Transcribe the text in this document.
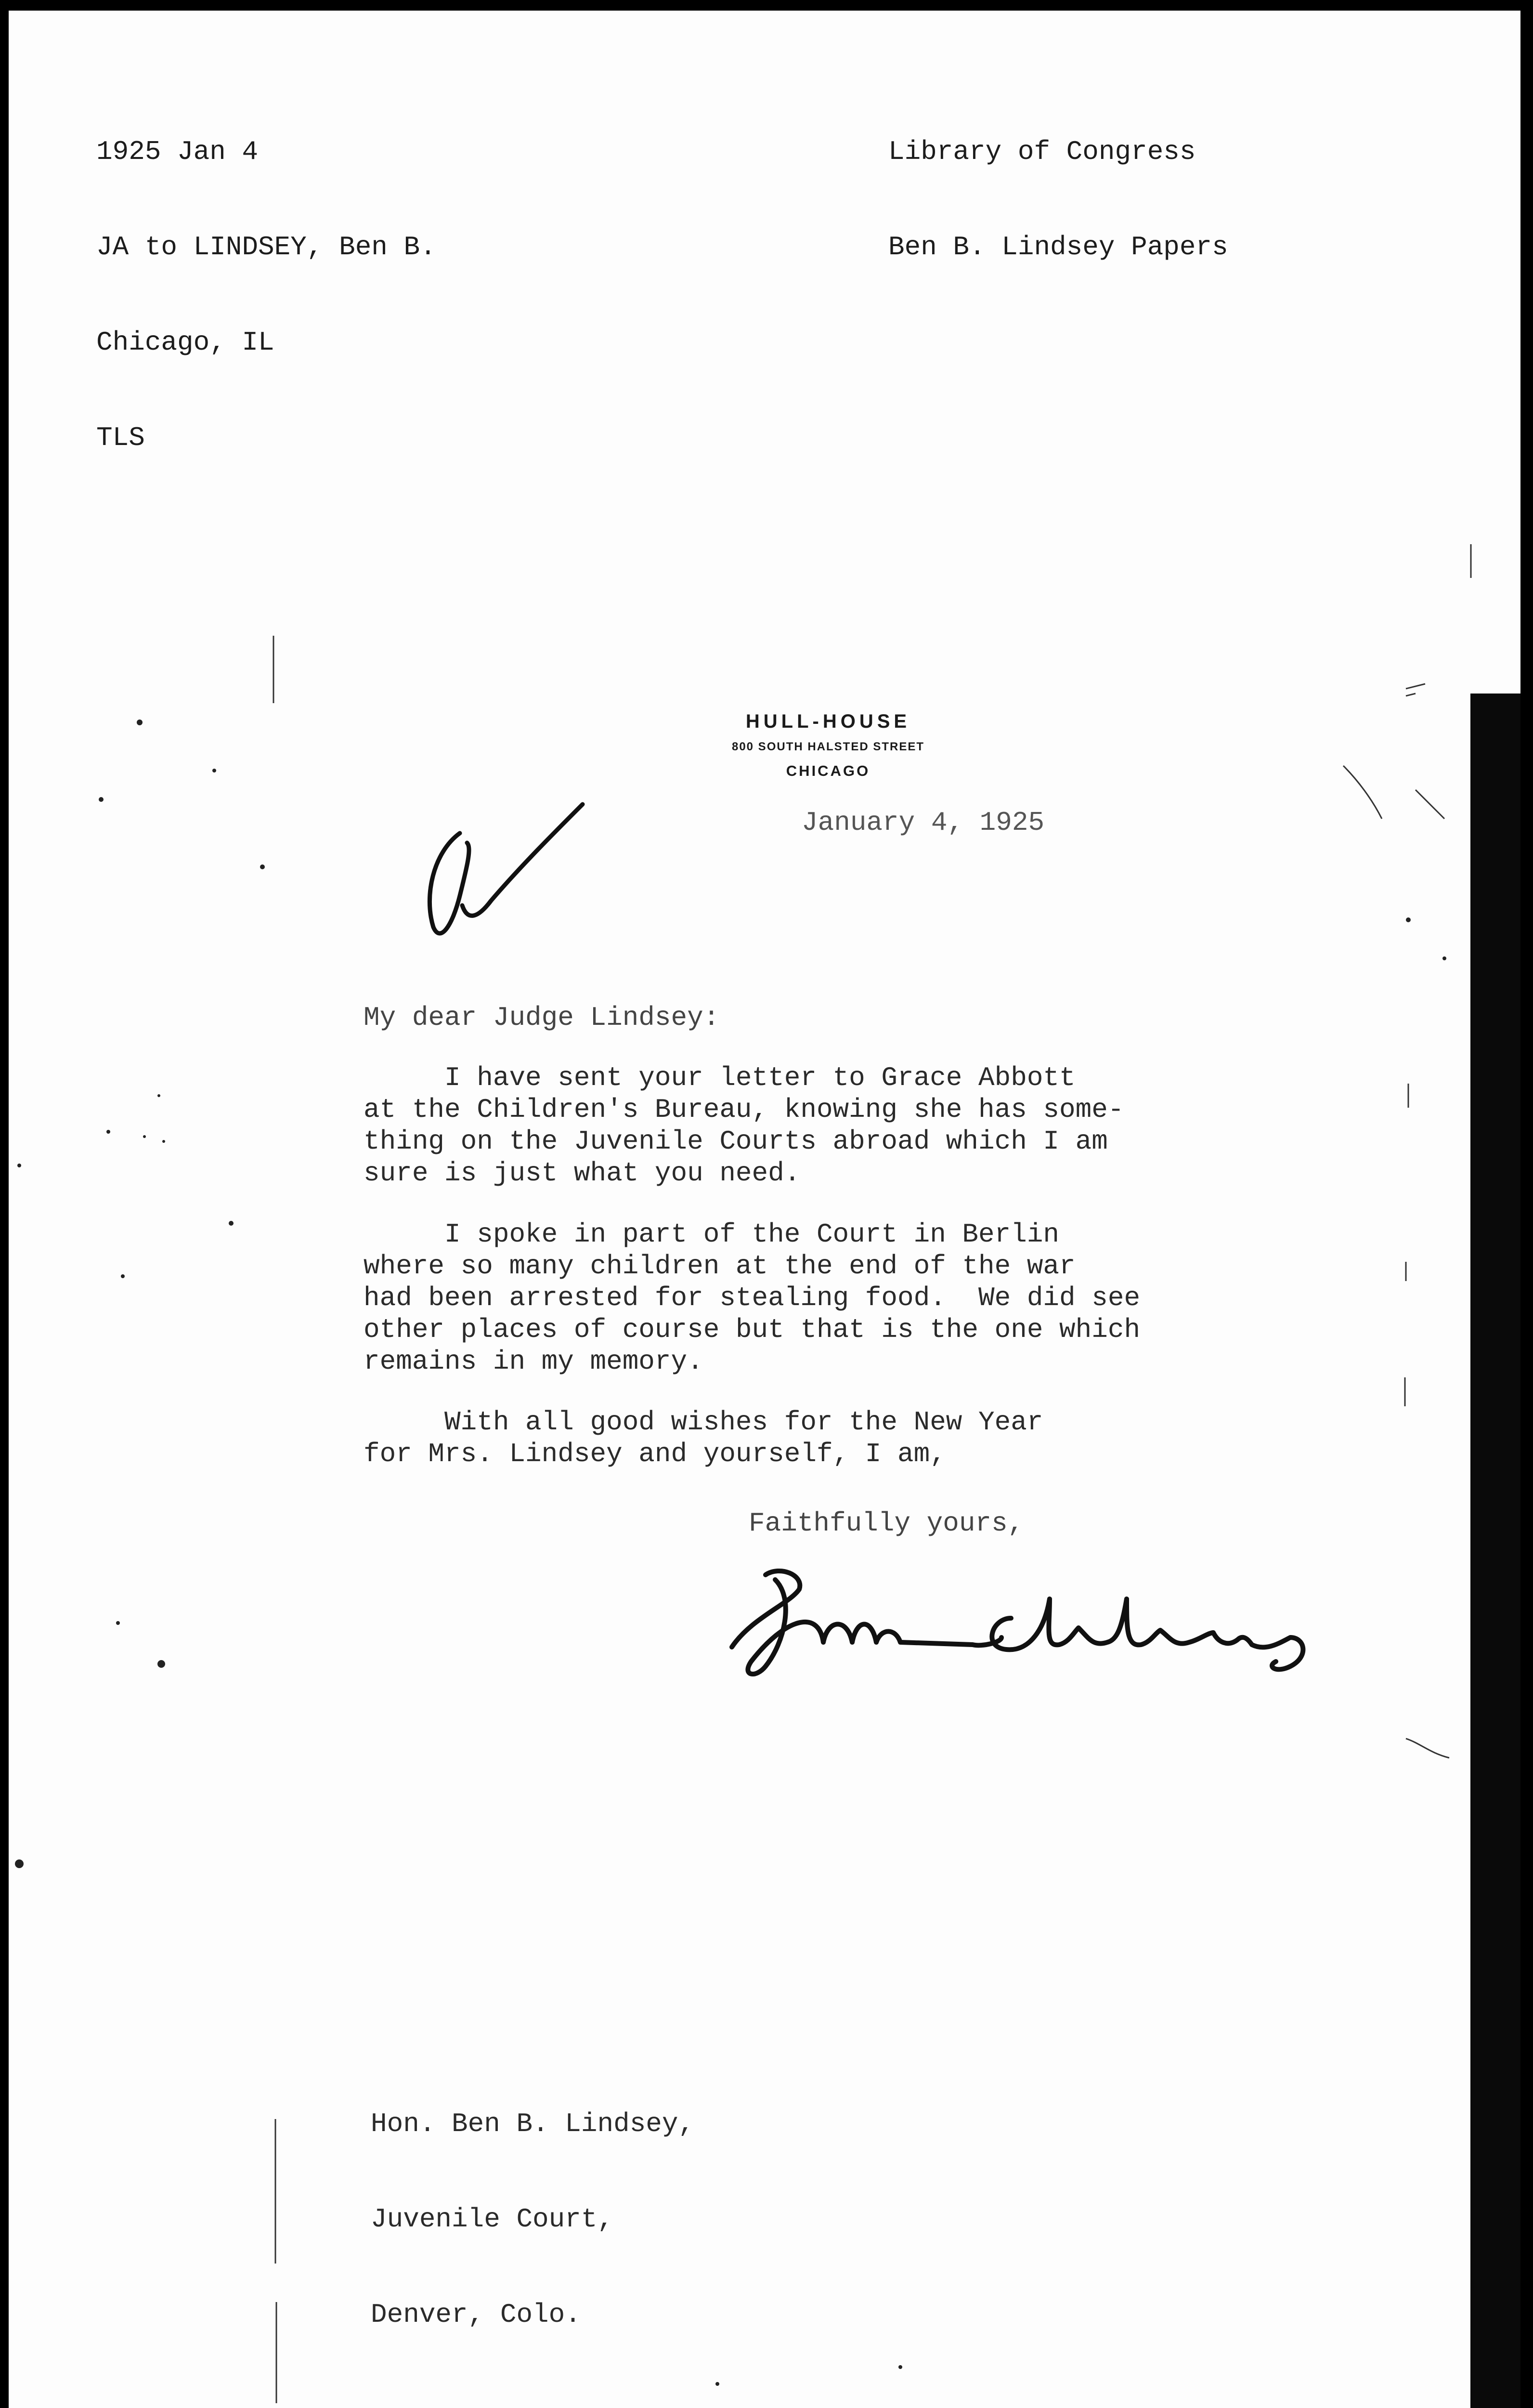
1925 Jan 4

JA to LINDSEY, Ben B.

Chicago, IL

TLS

Library of Congress

Ben B. Lindsey Papers

HULL-HOUSE
800 SOUTH HALSTED STREET
CHICAGO
January 4, 1925
My dear Judge Lindsey:
I have sent your letter to Grace Abbott
at the Children's Bureau, knowing she has some-
thing on the Juvenile Courts abroad which I am
sure is just what you need.
I spoke in part of the Court in Berlin
where so many children at the end of the war
had been arrested for stealing food.  We did see
other places of course but that is the one which
remains in my memory.
With all good wishes for the New Year
for Mrs. Lindsey and yourself, I am,
Faithfully yours,

Hon. Ben B. Lindsey,

Juvenile Court,

Denver, Colo.
